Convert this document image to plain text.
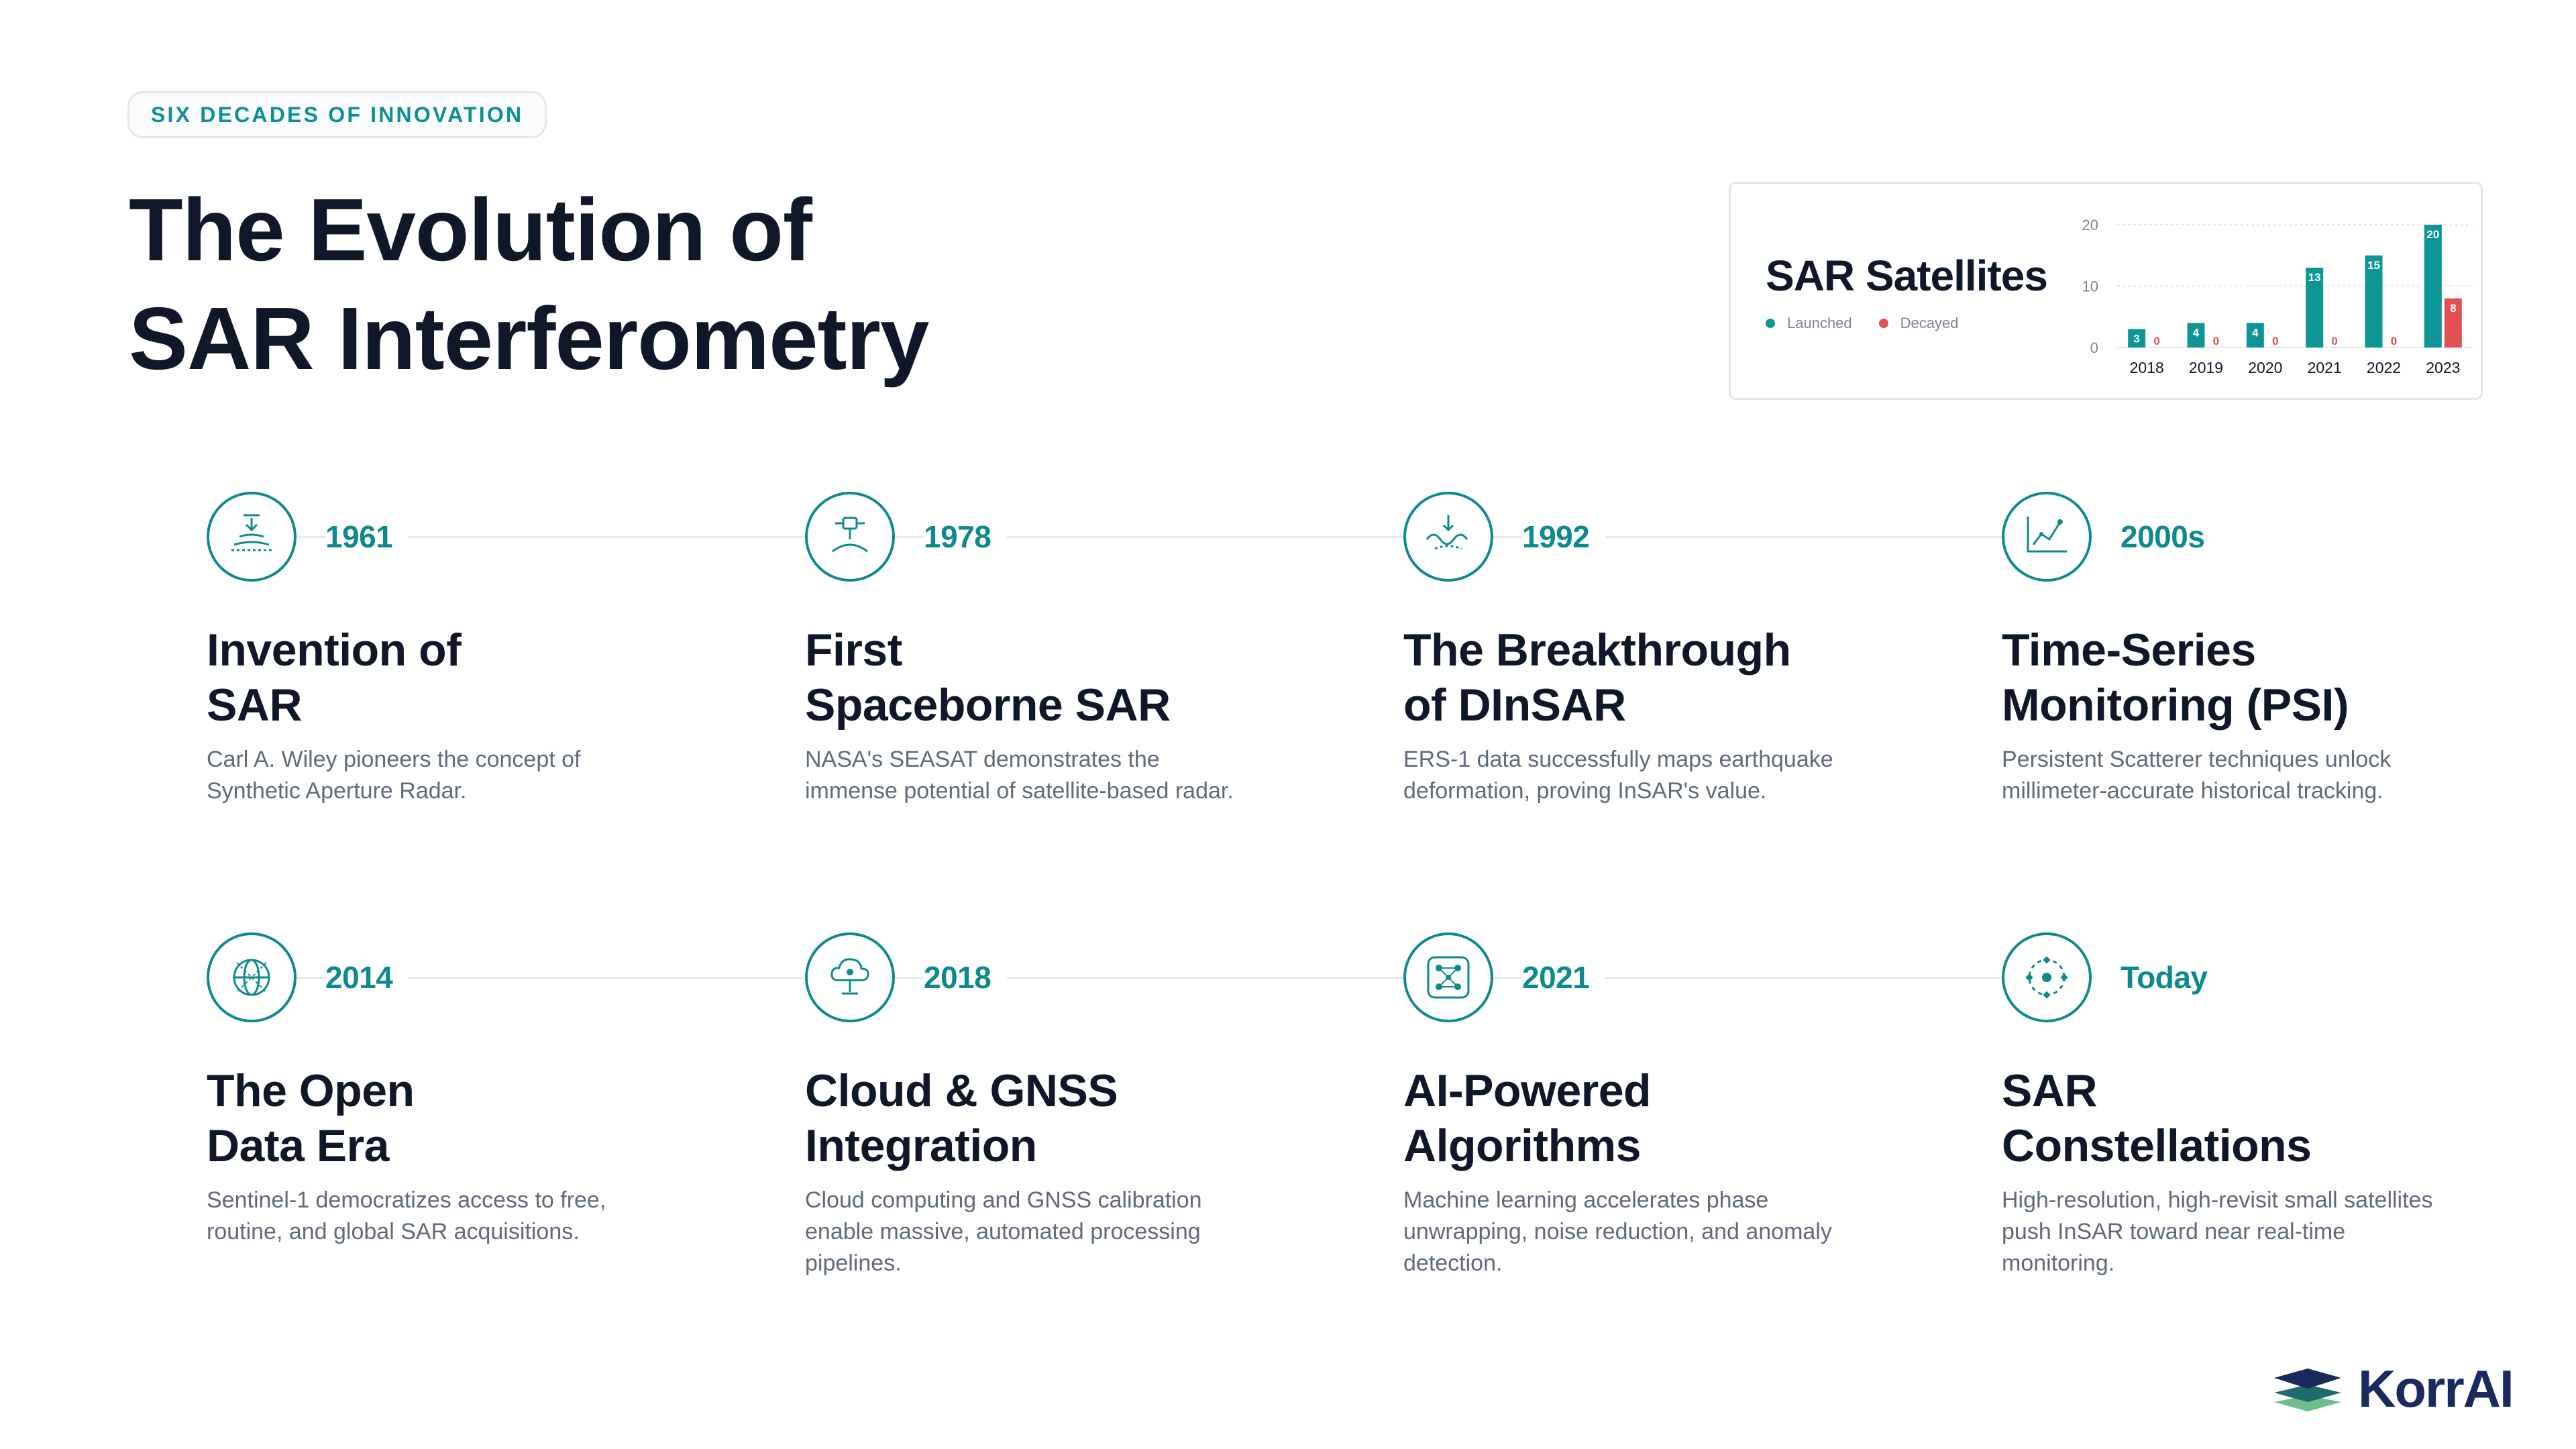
SIX DECADES OF INNOVATION
The Evolution of
SAR Interferometry
SAR Satellites
Launched	Decayed
0
10
20
3 0
2018
4
0
2019
4
0
2020
13
0
2021
15
0
2022
20
8
2023
1961
Invention of
SAR

Carl A. Wiley pioneers the concept of Synthetic Aperture Radar.

1978
First
Spaceborne SAR

NASA's SEASAT demonstrates the immense potential of satellite-based radar.

1992
The Breakthrough
of DInSAR

ERS-1 data successfully maps earthquake deformation, proving InSAR's value.

2000s
Time-Series
Monitoring (PSI)

Persistent Scatterer techniques unlock millimeter-accurate historical tracking.

2014
The Open
Data Era

Sentinel-1 democratizes access to free, routine, and global SAR acquisitions.

2018
Cloud & GNSS
Integration

Cloud computing and GNSS calibration enable massive, automated processing pipelines.

2021
AI-Powered
Algorithms

Machine learning accelerates phase unwrapping, noise reduction, and anomaly detection.

Today
SAR
Constellations

High-resolution, high-revisit small satellites push InSAR toward near real-time monitoring.

KorrAI
